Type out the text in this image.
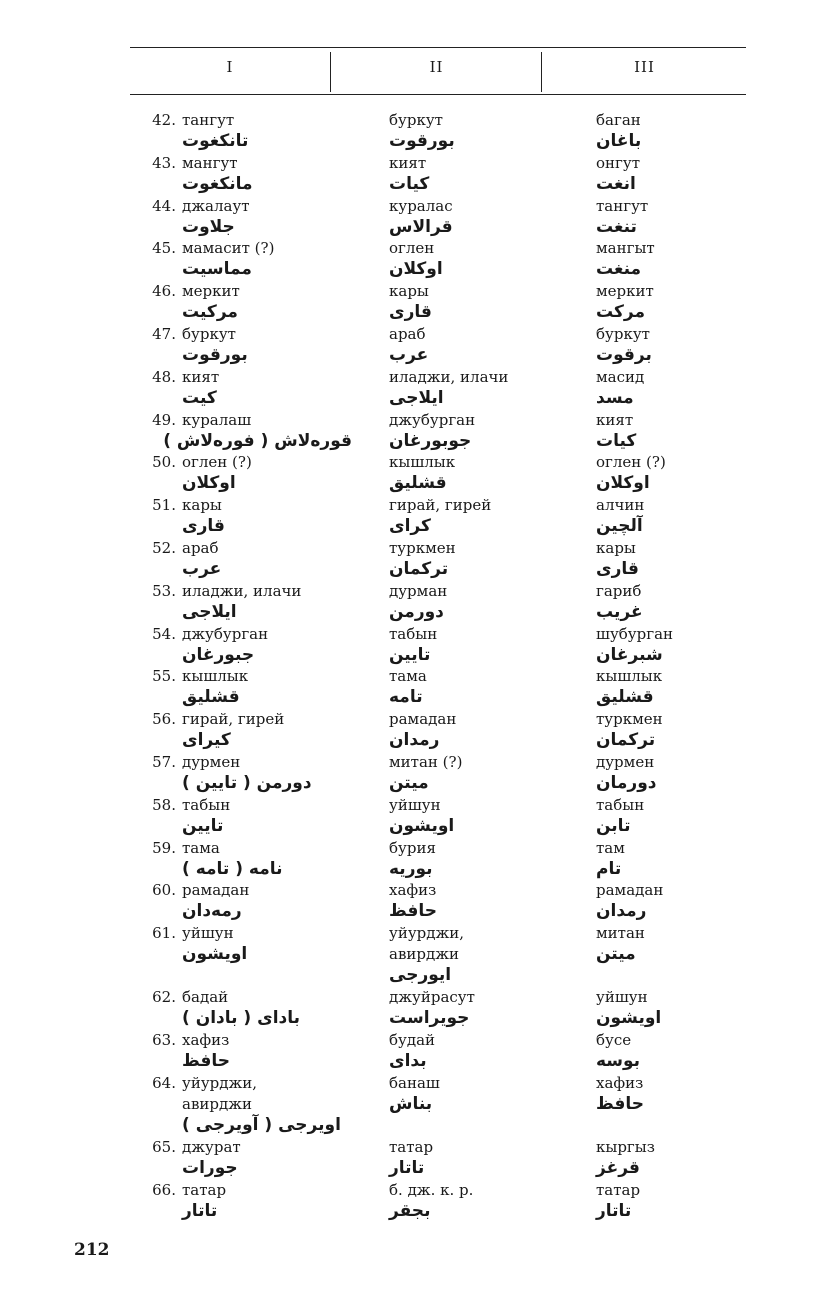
I	II	III
42. тангут
تانكغوت
буркут
بورقوت
баган
باغان
43. мангут
مانكغوت
кият
كيات
онгут
انغت
44. джалаут
جلاوت
куралас
قرالاس
тангут
تنغت
45. мамасит (?)
مماسيت
оглен
اوكلان
мангыт
منغت
46. меркит
مركيت
кары
قاری
меркит
مركت
47. буркут
بورقوت
араб
عرب
буркут
برقوت
48. кият
كيت
иладжи, илачи
ايلاجی
масид
مسد
49. куралаш
قوره‌لاش ( فوره‌لاش )
джубурган
جوبورغان
кият
كيات
50. оглен (?)
اوكلان
кышлык
قشليق
оглен (?)
اوكلان
51. кары
قاری
гирай, гирей
كرای
алчин
آلچين
52. араб
عرب
туркмен
تركمان
кары
قاری
53. иладжи, илачи
ايلاجی
дурман
دورمن
гариб
غريب
54. джубурган
جبورغان
табын
تايين
шубурган
شبرغان
55. кышлык
قشليق
тама
تامه
кышлык
قشليق
56. гирай, гирей
كيرای
рамадан
رمدان
туркмен
تركمان
57. дурмен
دورمن ( تايين )
митан (?)
ميتن
дурмен
دورمان
58. табын
تايين
уйшун
اويشون
табын
تابن
59. тама
نامه ( تامه )
бурия
بوريه
там
تام
60. рамадан
رمه‌دان
хафиз
حافظ
рамадан
رمدان
61. уйшун
اويشون
уйурджи,
авирджи
ايورجی
митан
ميتن
62. бадай
بادای ( بادان )
джуйрасут
جويراست
уйшун
اويشون
63. хафиз
حافظ
будай
بدای
бусе
بوسه
64. уйурджи,
авирджи
اويرجی ( آويرجی )
банаш
بناش
хафиз
حافظ
65. джурат
جورات
татар
تاتار
кыргыз
قرغز
66. татар
تاتار
б. дж. к. р.
بجقر
татар
تاتار
212
